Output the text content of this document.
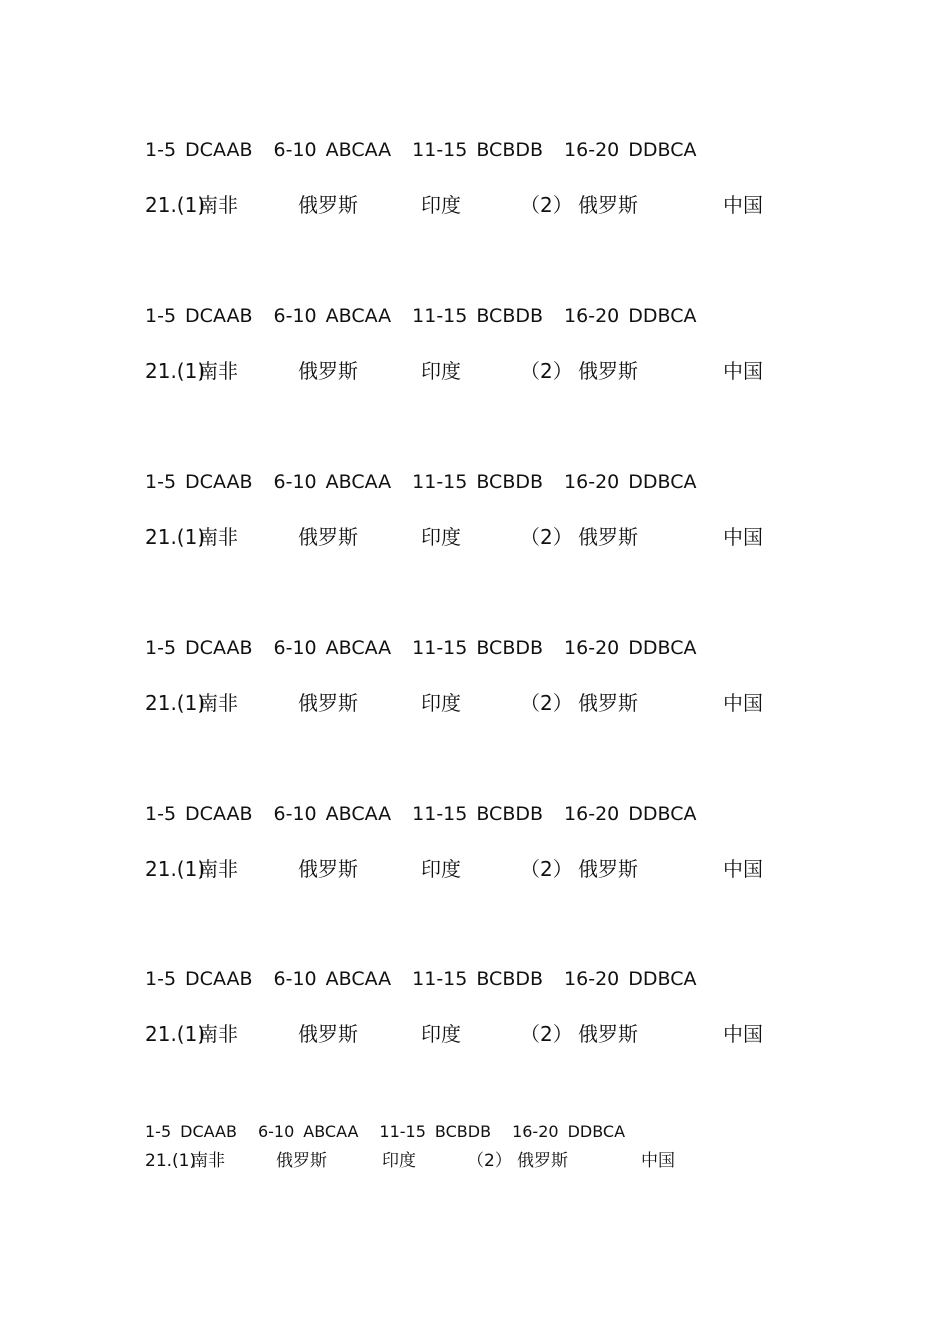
1-5 DCAAB 6-10 ABCAA 11-15 BCBDB 16-20 DDBCA
21.(1)
南非	俄罗斯	印度	（2） 俄罗斯	中国
1-5 DCAAB 6-10 ABCAA 11-15 BCBDB 16-20 DDBCA
21.(1)
南非	俄罗斯	印度	（2） 俄罗斯	中国
1-5 DCAAB 6-10 ABCAA 11-15 BCBDB 16-20 DDBCA
21.(1)
南非	俄罗斯	印度	（2） 俄罗斯	中国
1-5 DCAAB 6-10 ABCAA 11-15 BCBDB 16-20 DDBCA
21.(1)
南非	俄罗斯	印度	（2） 俄罗斯	中国
1-5 DCAAB 6-10 ABCAA 11-15 BCBDB 16-20 DDBCA
21.(1)
南非	俄罗斯	印度	（2） 俄罗斯	中国
1-5 DCAAB 6-10 ABCAA 11-15 BCBDB 16-20 DDBCA
21.(1)
南非	俄罗斯	印度	（2） 俄罗斯	中国
1-5 DCAAB 6-10 ABCAA 11-15 BCBDB 16-20 DDBCA
21.(1)
南非	俄罗斯	印度	（2） 俄罗斯	中国
